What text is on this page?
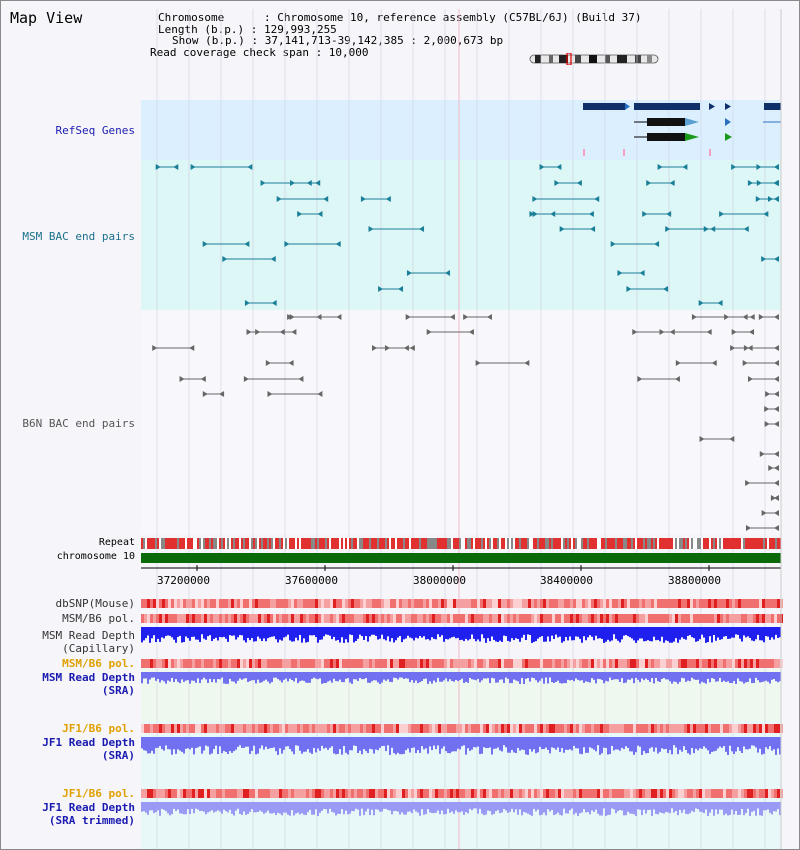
Map View	Chromosome      : Chromosome 10, reference assembly (C57BL/6J) (Build 37)
Length (b.p.) : 129,993,255
Show (b.p.) : 37,141,713-39,142,385 : 2,000,673 bp
Read coverage check span : 10,000
RefSeq Genes
MSM BAC end pairs
B6N BAC end pairs
Repeat
chromosome 10
dbSNP(Mouse)
MSM/B6 pol.
MSM Read Depth
(Capillary)
MSM/B6 pol.
MSM Read Depth
(SRA)
JF1/B6 pol.
JF1 Read Depth
(SRA)
JF1/B6 pol.
JF1 Read Depth
(SRA trimmed)
37200000	37600000	38000000	38400000	38800000
